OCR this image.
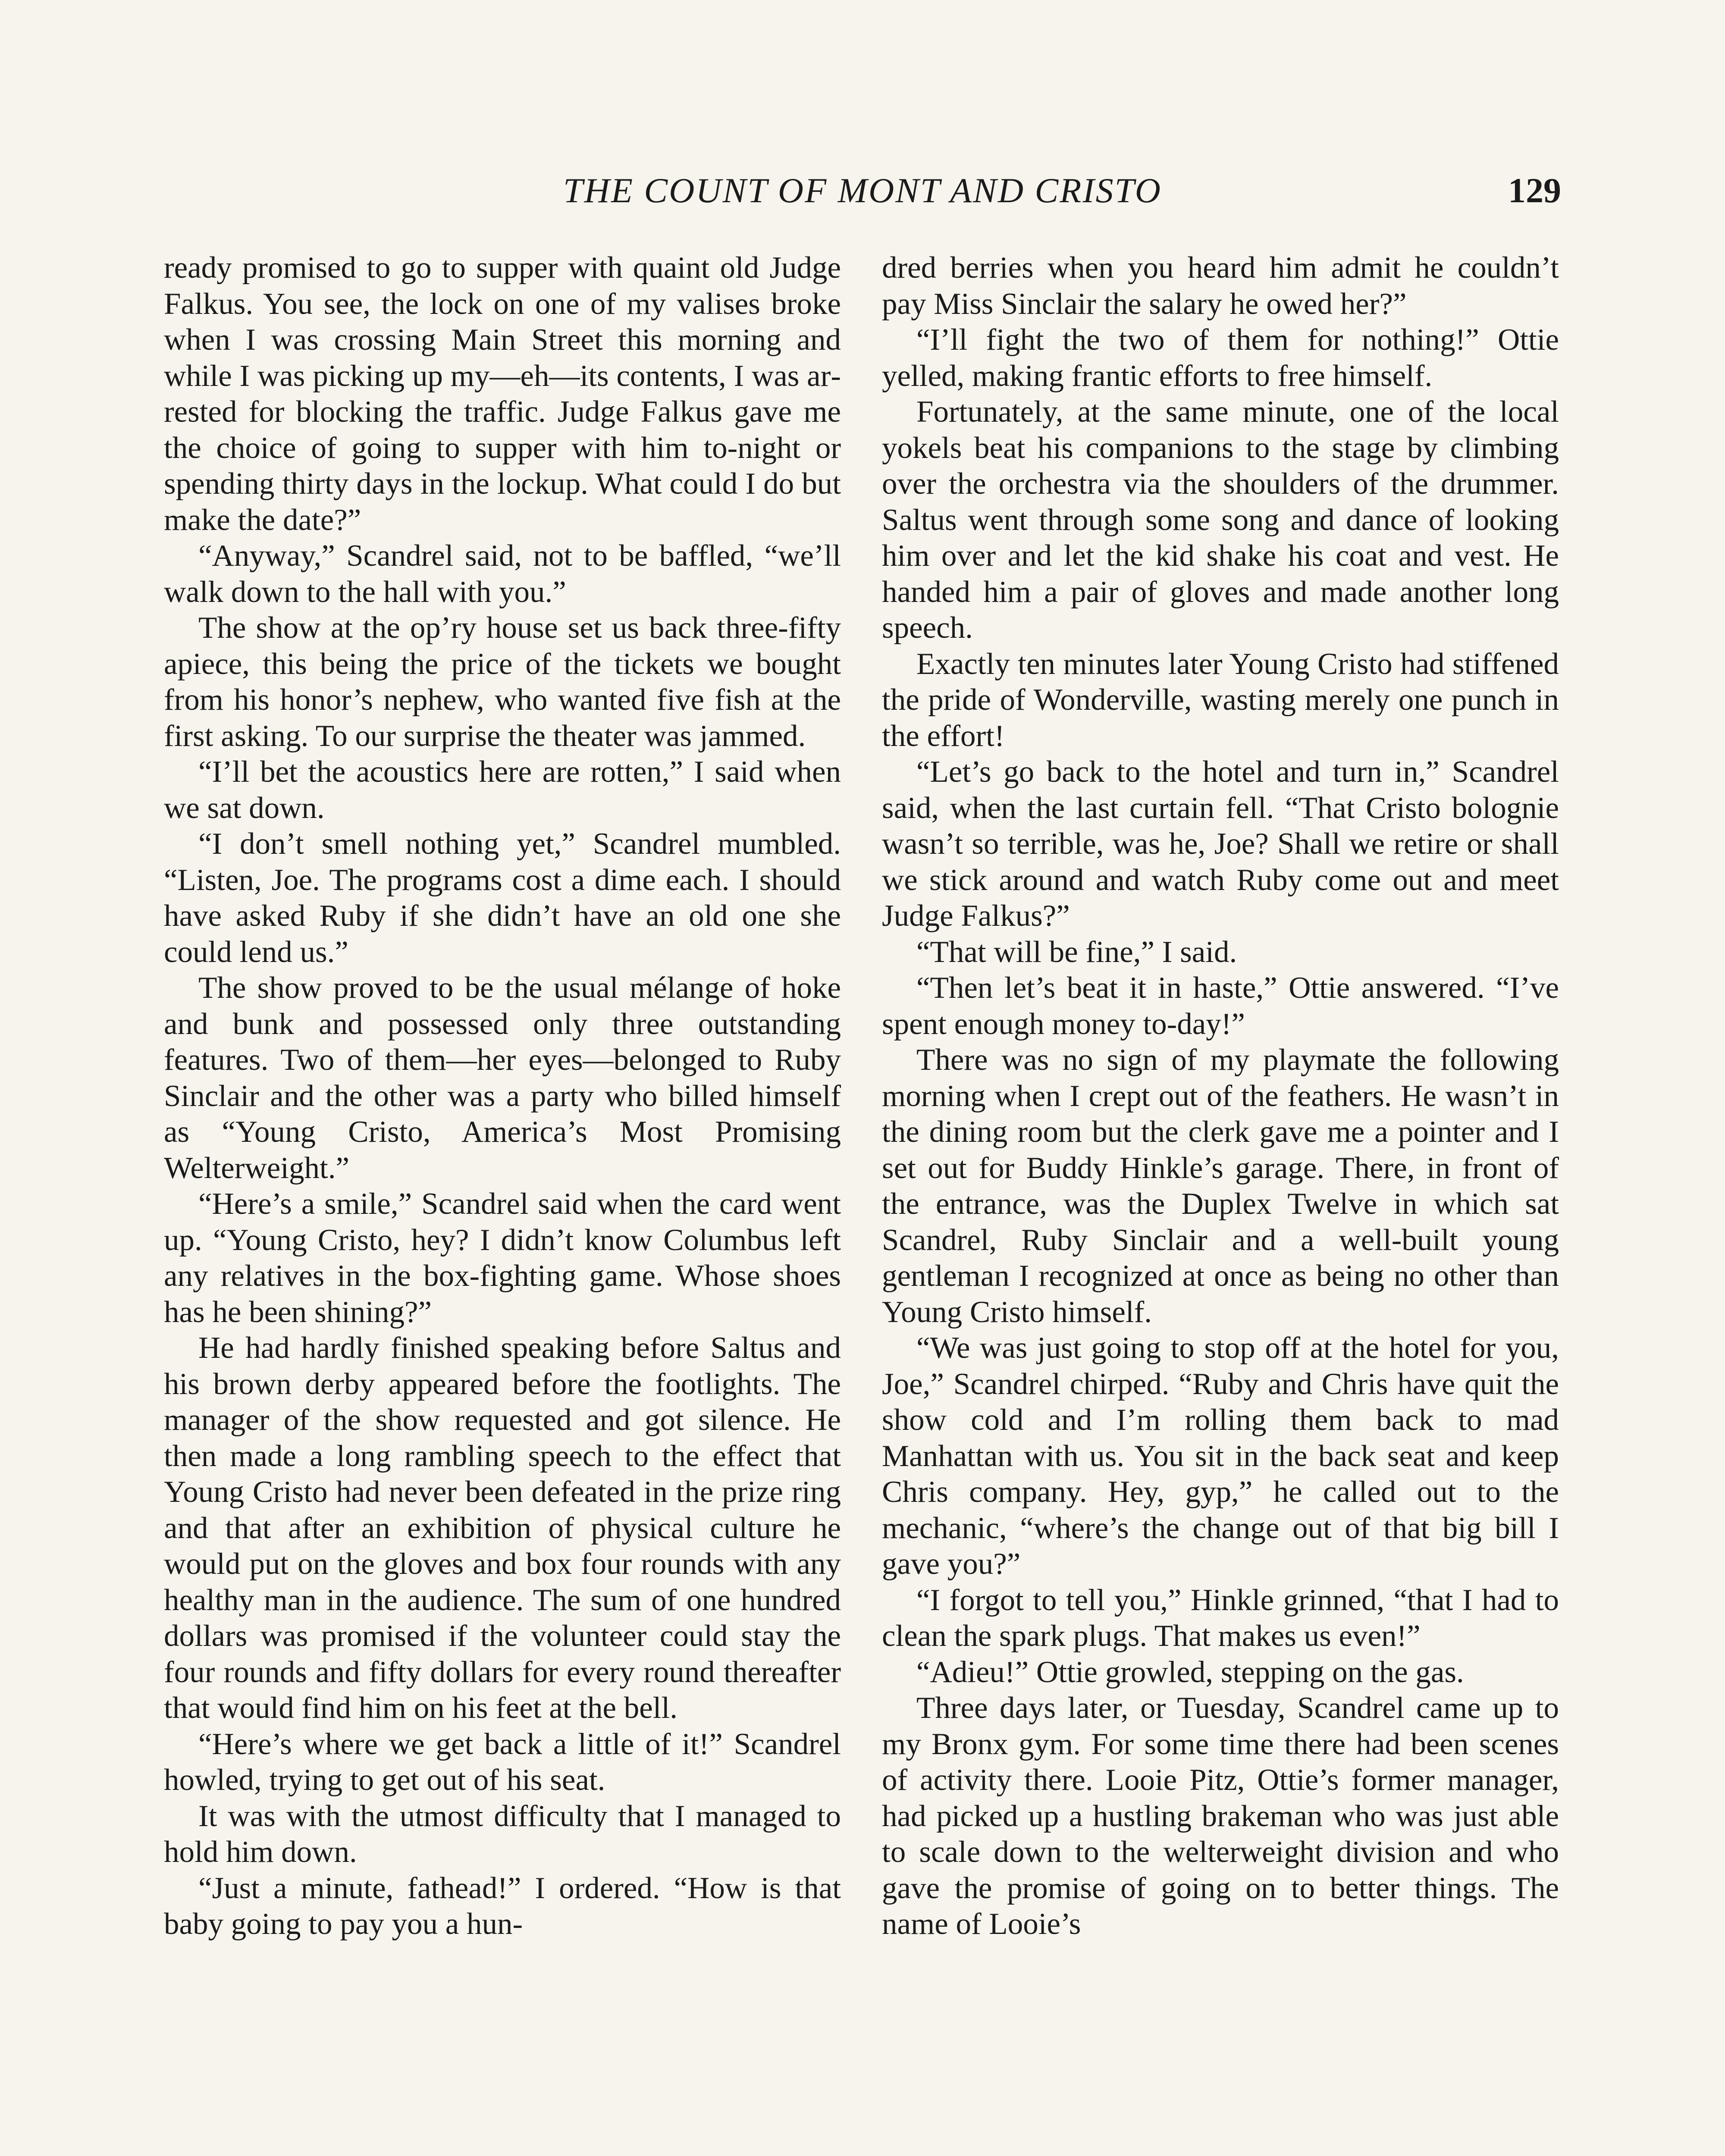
THE COUNT OF MONT AND CRISTO	129

ready promised to go to supper with quaint old Judge Falkus. You see, the lock on one of my valises broke when I was crossing Main Street this morning and while I was picking up my—eh—its contents, I was arrested for blocking the traffic. Judge Falkus gave me the choice of going to supper with him to-night or spending thirty days in the lockup. What could I do but make the date?”

“Anyway,” Scandrel said, not to be baffled, “we’ll walk down to the hall with you.”

The show at the op’ry house set us back three-fifty apiece, this being the price of the tickets we bought from his honor’s nephew, who wanted five fish at the first asking. To our surprise the theater was jammed.

“I’ll bet the acoustics here are rotten,” I said when we sat down.

“I don’t smell nothing yet,” Scandrel mumbled. “Listen, Joe. The programs cost a dime each. I should have asked Ruby if she didn’t have an old one she could lend us.”

The show proved to be the usual mélange of hoke and bunk and possessed only three outstanding features. Two of them—her eyes—belonged to Ruby Sinclair and the other was a party who billed himself as “Young Cristo, America’s Most Promising Welterweight.”

“Here’s a smile,” Scandrel said when the card went up. “Young Cristo, hey? I didn’t know Columbus left any relatives in the box-fighting game. Whose shoes has he been shining?”

He had hardly finished speaking before Saltus and his brown derby appeared before the footlights. The manager of the show requested and got silence. He then made a long rambling speech to the effect that Young Cristo had never been defeated in the prize ring and that after an exhibition of physical culture he would put on the gloves and box four rounds with any healthy man in the audience. The sum of one hundred dollars was promised if the volunteer could stay the four rounds and fifty dollars for every round thereafter that would find him on his feet at the bell.

“Here’s where we get back a little of it!” Scandrel howled, trying to get out of his seat.

It was with the utmost difficulty that I managed to hold him down.

“Just a minute, fathead!” I ordered. “How is that baby going to pay you a hun-

dred berries when you heard him admit he couldn’t pay Miss Sinclair the salary he owed her?”

“I’ll fight the two of them for nothing!” Ottie yelled, making frantic efforts to free himself.

Fortunately, at the same minute, one of the local yokels beat his companions to the stage by climbing over the orchestra via the shoulders of the drummer. Saltus went through some song and dance of looking him over and let the kid shake his coat and vest. He handed him a pair of gloves and made another long speech.

Exactly ten minutes later Young Cristo had stiffened the pride of Wonderville, wasting merely one punch in the effort!

“Let’s go back to the hotel and turn in,” Scandrel said, when the last curtain fell. “That Cristo bolognie wasn’t so terrible, was he, Joe? Shall we retire or shall we stick around and watch Ruby come out and meet Judge Falkus?”

“That will be fine,” I said.

“Then let’s beat it in haste,” Ottie answered. “I’ve spent enough money to-day!”

There was no sign of my playmate the following morning when I crept out of the feathers. He wasn’t in the dining room but the clerk gave me a pointer and I set out for Buddy Hinkle’s garage. There, in front of the entrance, was the Duplex Twelve in which sat Scandrel, Ruby Sinclair and a well-built young gentleman I recognized at once as being no other than Young Cristo himself.

“We was just going to stop off at the hotel for you, Joe,” Scandrel chirped. “Ruby and Chris have quit the show cold and I’m rolling them back to mad Manhattan with us. You sit in the back seat and keep Chris company. Hey, gyp,” he called out to the mechanic, “where’s the change out of that big bill I gave you?”

“I forgot to tell you,” Hinkle grinned, “that I had to clean the spark plugs. That makes us even!”

“Adieu!” Ottie growled, stepping on the gas.

Three days later, or Tuesday, Scandrel came up to my Bronx gym. For some time there had been scenes of activity there. Looie Pitz, Ottie’s former manager, had picked up a hustling brakeman who was just able to scale down to the welterweight division and who gave the promise of going on to better things. The name of Looie’s
